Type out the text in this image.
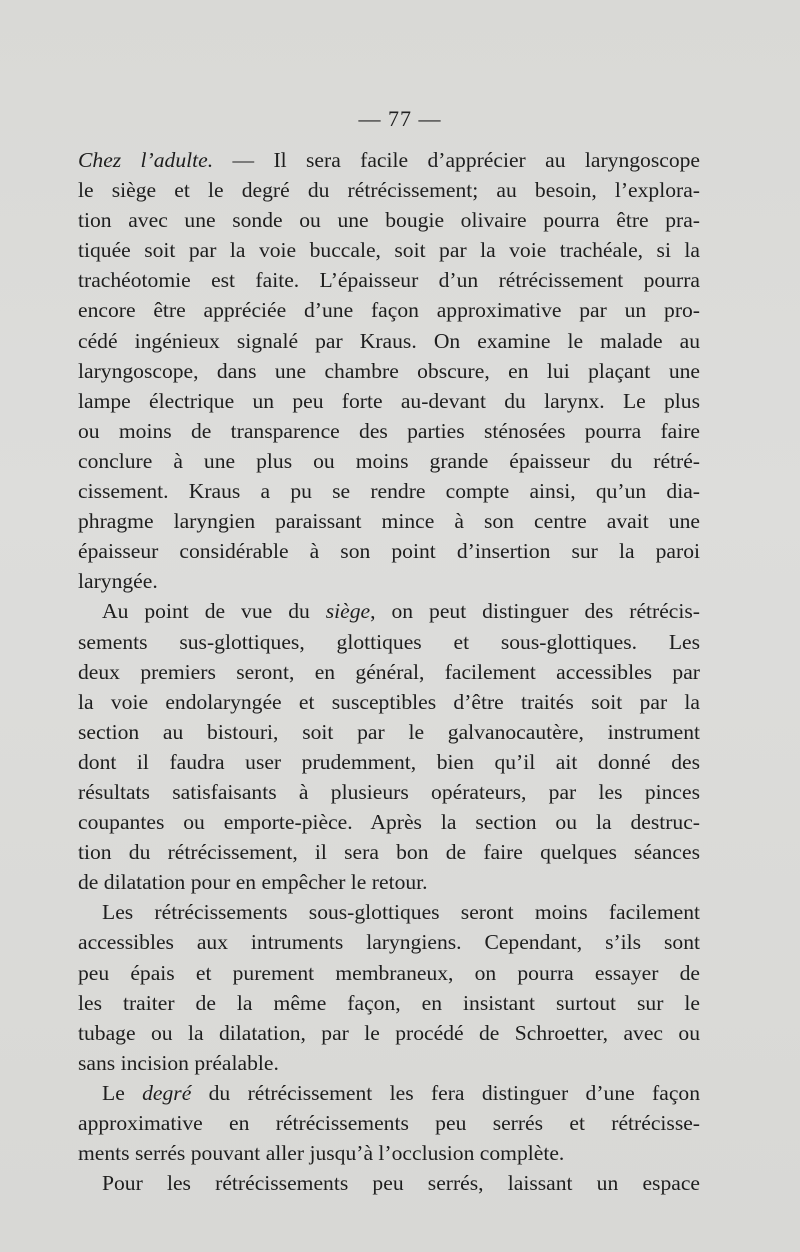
— 77 —
Chez l’adulte. — Il sera facile d’apprécier au laryngoscope
le siège et le degré du rétrécissement; au besoin, l’explora-
tion avec une sonde ou une bougie olivaire pourra être pra-
tiquée soit par la voie buccale, soit par la voie trachéale, si la
trachéotomie est faite. L’épaisseur d’un rétrécissement pourra
encore être appréciée d’une façon approximative par un pro-
cédé ingénieux signalé par Kraus. On examine le malade au
laryngoscope, dans une chambre obscure, en lui plaçant une
lampe électrique un peu forte au-devant du larynx. Le plus
ou moins de transparence des parties sténosées pourra faire
conclure à une plus ou moins grande épaisseur du rétré-
cissement. Kraus a pu se rendre compte ainsi, qu’un dia-
phragme laryngien paraissant mince à son centre avait une
épaisseur considérable à son point d’insertion sur la paroi
laryngée.
Au point de vue du siège, on peut distinguer des rétrécis-
sements sus-glottiques, glottiques et sous-glottiques. Les
deux premiers seront, en général, facilement accessibles par
la voie endolaryngée et susceptibles d’être traités soit par la
section au bistouri, soit par le galvanocautère, instrument
dont il faudra user prudemment, bien qu’il ait donné des
résultats satisfaisants à plusieurs opérateurs, par les pinces
coupantes ou emporte-pièce. Après la section ou la destruc-
tion du rétrécissement, il sera bon de faire quelques séances
de dilatation pour en empêcher le retour.
Les rétrécissements sous-glottiques seront moins facilement
accessibles aux intruments laryngiens. Cependant, s’ils sont
peu épais et purement membraneux, on pourra essayer de
les traiter de la même façon, en insistant surtout sur le
tubage ou la dilatation, par le procédé de Schroetter, avec ou
sans incision préalable.
Le degré du rétrécissement les fera distinguer d’une façon
approximative en rétrécissements peu serrés et rétrécisse-
ments serrés pouvant aller jusqu’à l’occlusion complète.
Pour les rétrécissements peu serrés, laissant un espace
